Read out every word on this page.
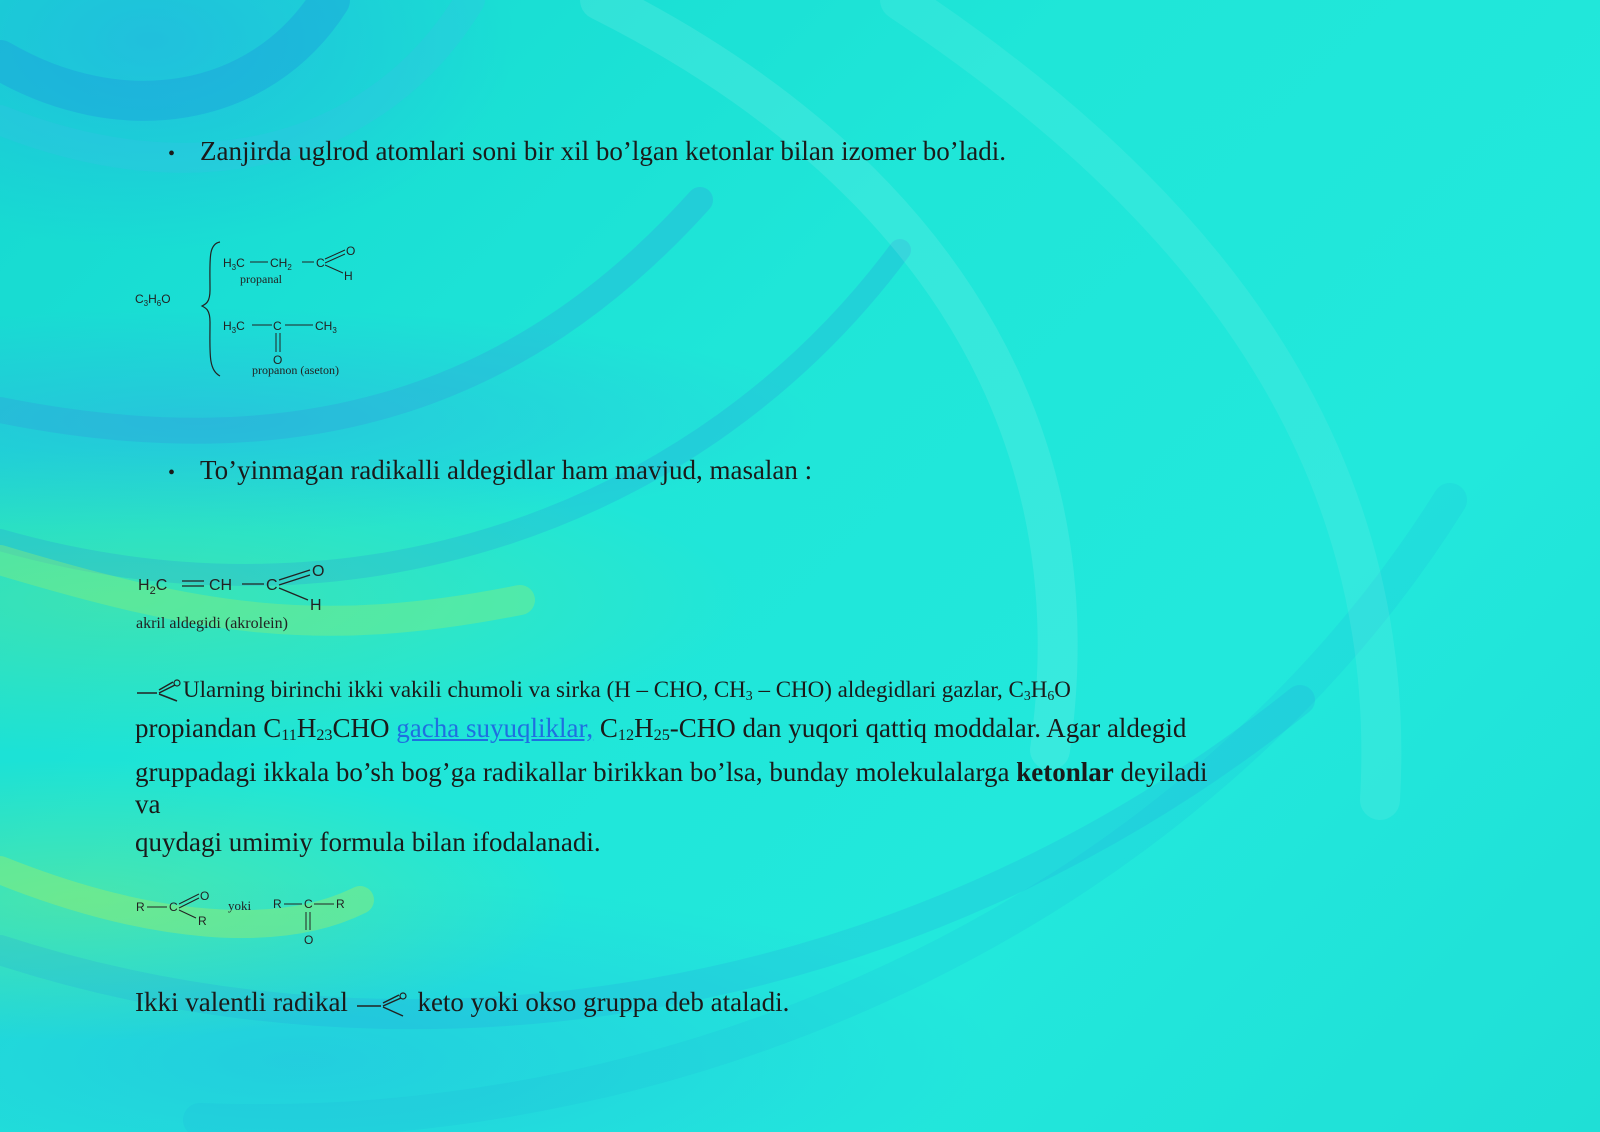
• Zanjirda uglrod atomlari soni bir xil bo’lgan ketonlar bilan izomer bo’ladi.
$C_3H_6O$
$H_3C$ $CH_2$ C
O
H
propanal
$H_3C$ C	$CH_3$
O
propanon (aseton)
• To’yinmagan radikalli aldegidlar ham mavjud, masalan :
$H_2C$	CH C
O
H
akril aldegidi (akrolein)
Ularning birinchi ikki vakili chumoli va sirka (H – CHO, $CH_3 - CHO$) aldegidlari gazlar, $C_3H_6O$
propiandan $C_{11}H_{23}CHO$ gacha suyuqliklar, $C_{12}H_{25}$-CHO dan yuqori qattiq moddalar. Agar aldegid
gruppadagi ikkala bo’sh bog’ga radikallar birikkan bo’lsa, bunday molekulalarga ketonlar deyiladi
va
quydagi umimiy formula bilan ifodalanadi.
R C
O
R
yoki R C R
O
Ikki valentli radikal	keto yoki okso gruppa deb ataladi.
